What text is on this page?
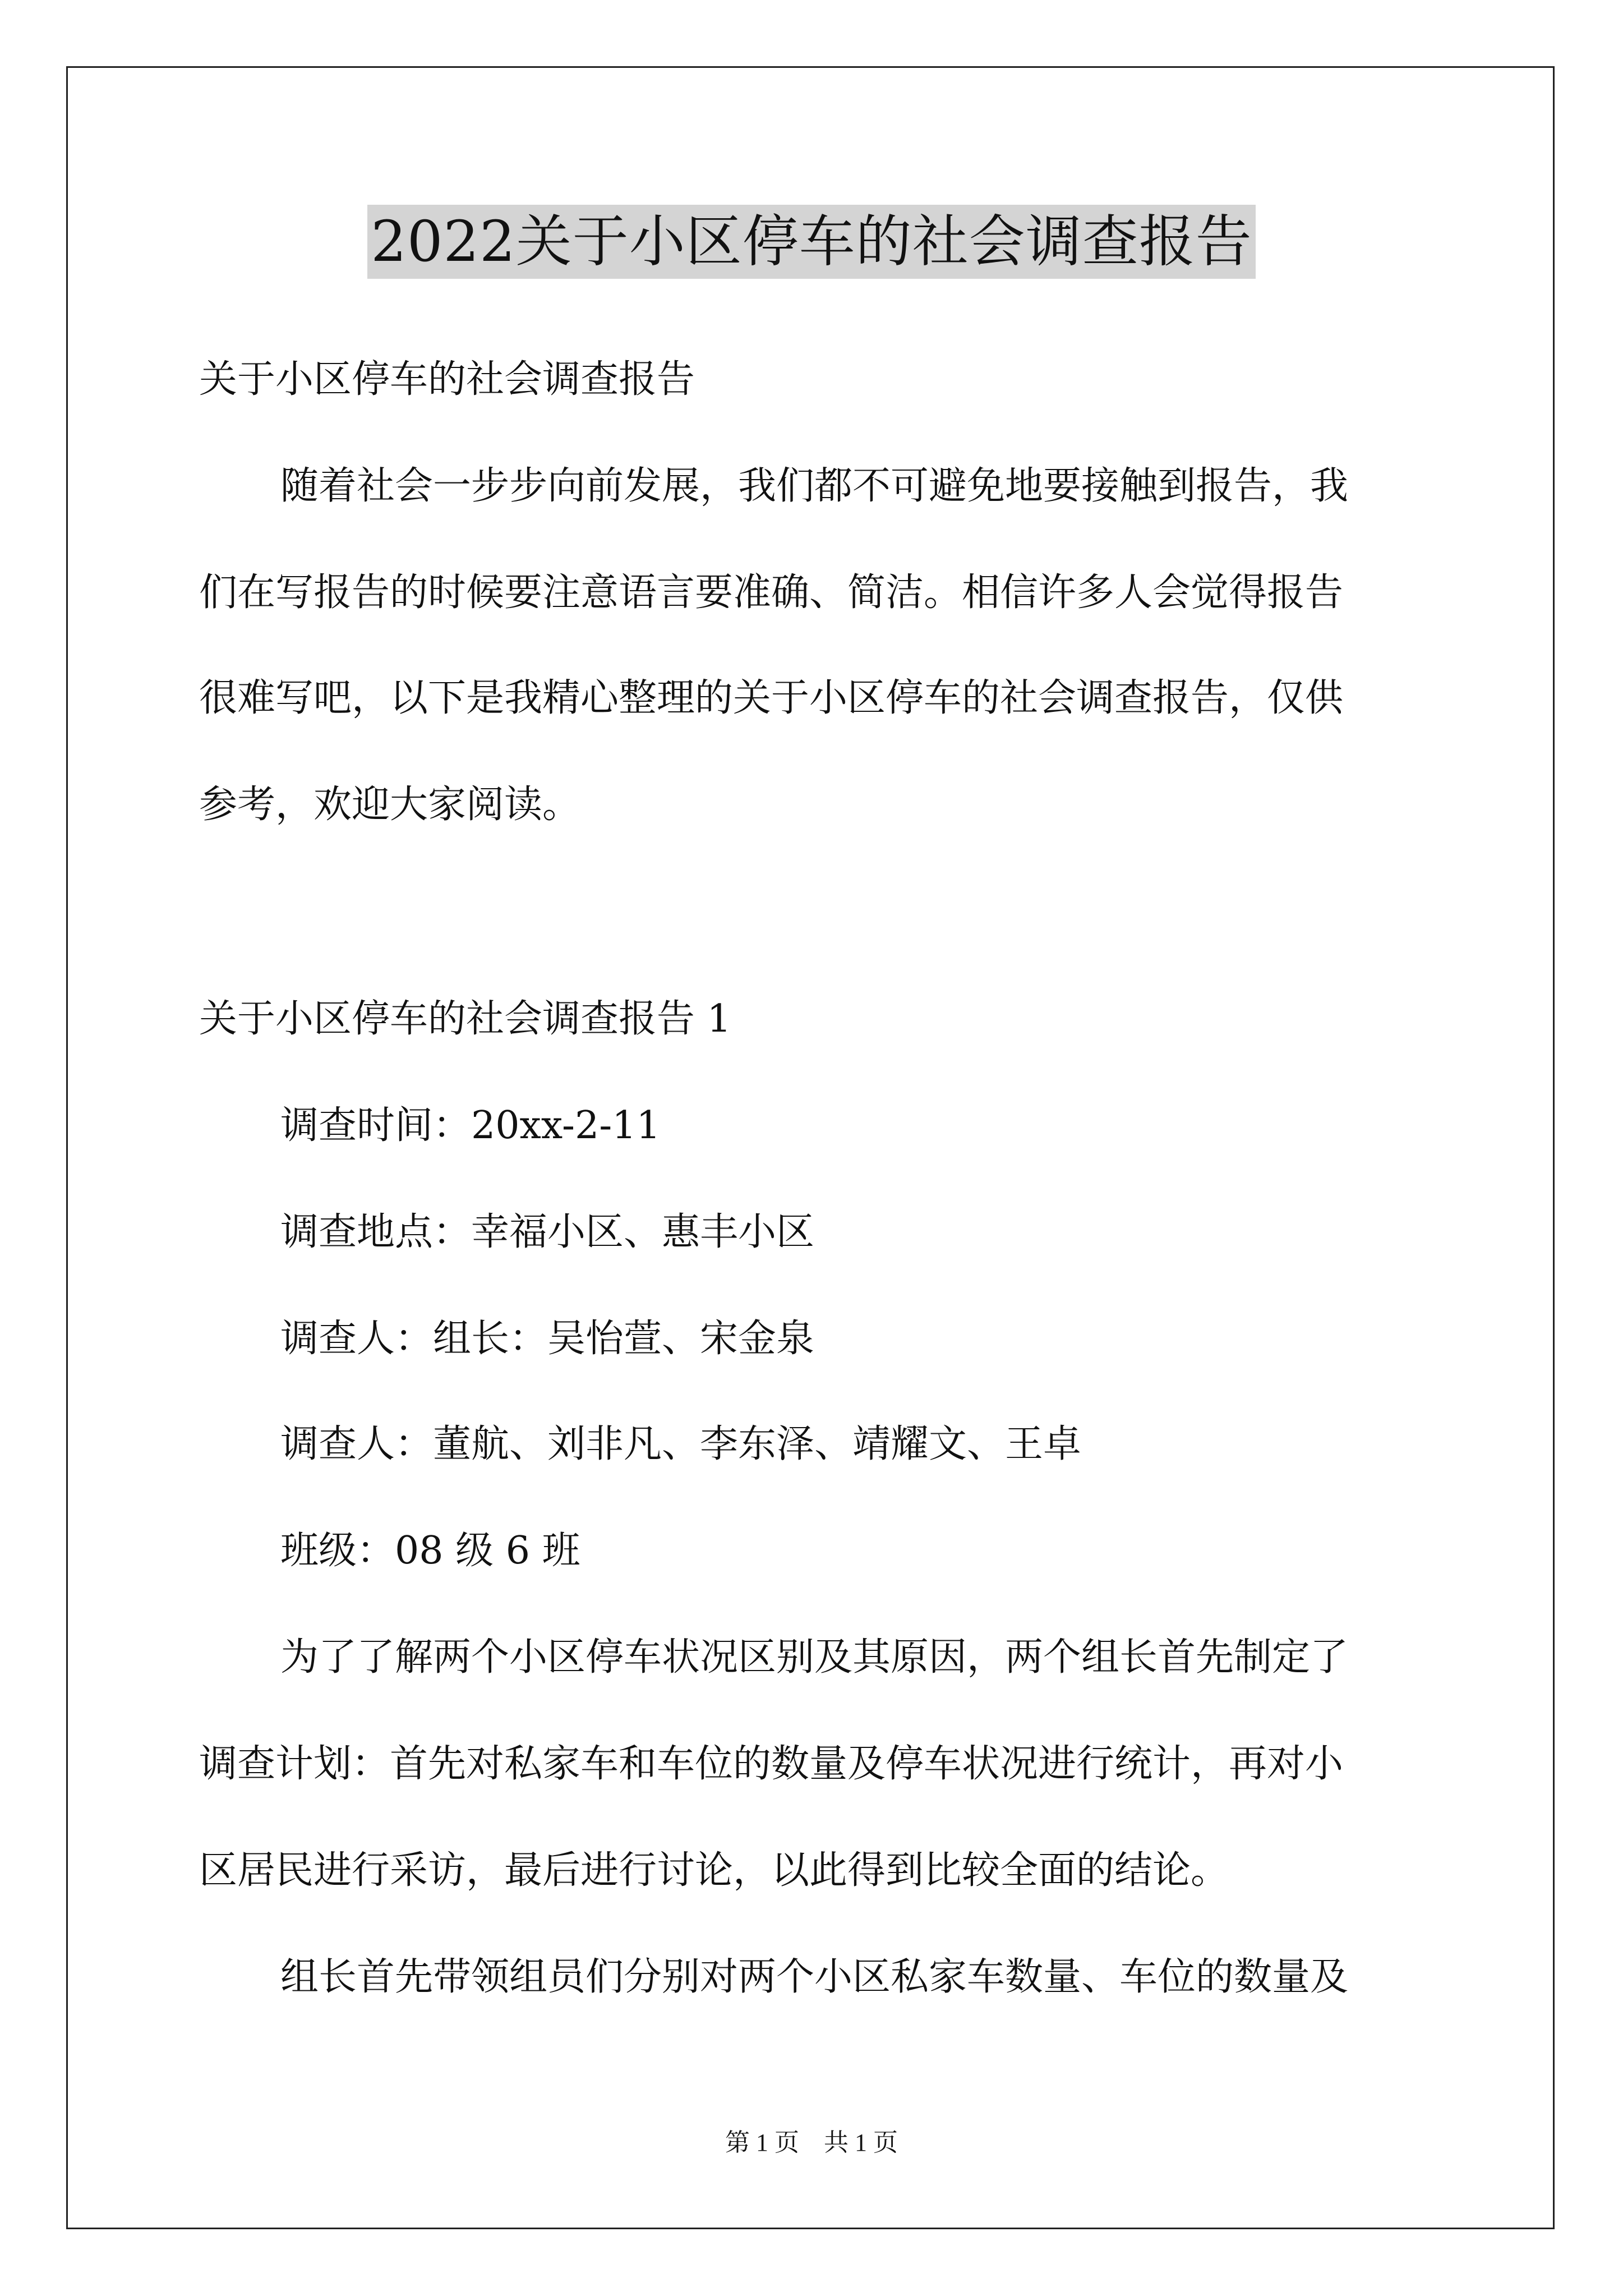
2022关于小区停车的社会调查报告
关于小区停车的社会调查报告
随着社会一步步向前发展，我们都不可避免地要接触到报告，我
们在写报告的时候要注意语言要准确、简洁。相信许多人会觉得报告
很难写吧，以下是我精心整理的关于小区停车的社会调查报告，仅供
参考，欢迎大家阅读。
关于小区停车的社会调查报告 1
调查时间：20xx-2-11
调查地点：幸福小区、惠丰小区
调查人：组长：吴怡萱、宋金泉
调查人：董航、刘非凡、李东泽、靖耀文、王卓
班级：08 级 6 班
为了了解两个小区停车状况区别及其原因，两个组长首先制定了
调查计划：首先对私家车和车位的数量及停车状况进行统计，再对小
区居民进行采访，最后进行讨论，以此得到比较全面的结论。
组长首先带领组员们分别对两个小区私家车数量、车位的数量及
第 1 页　共 1 页
